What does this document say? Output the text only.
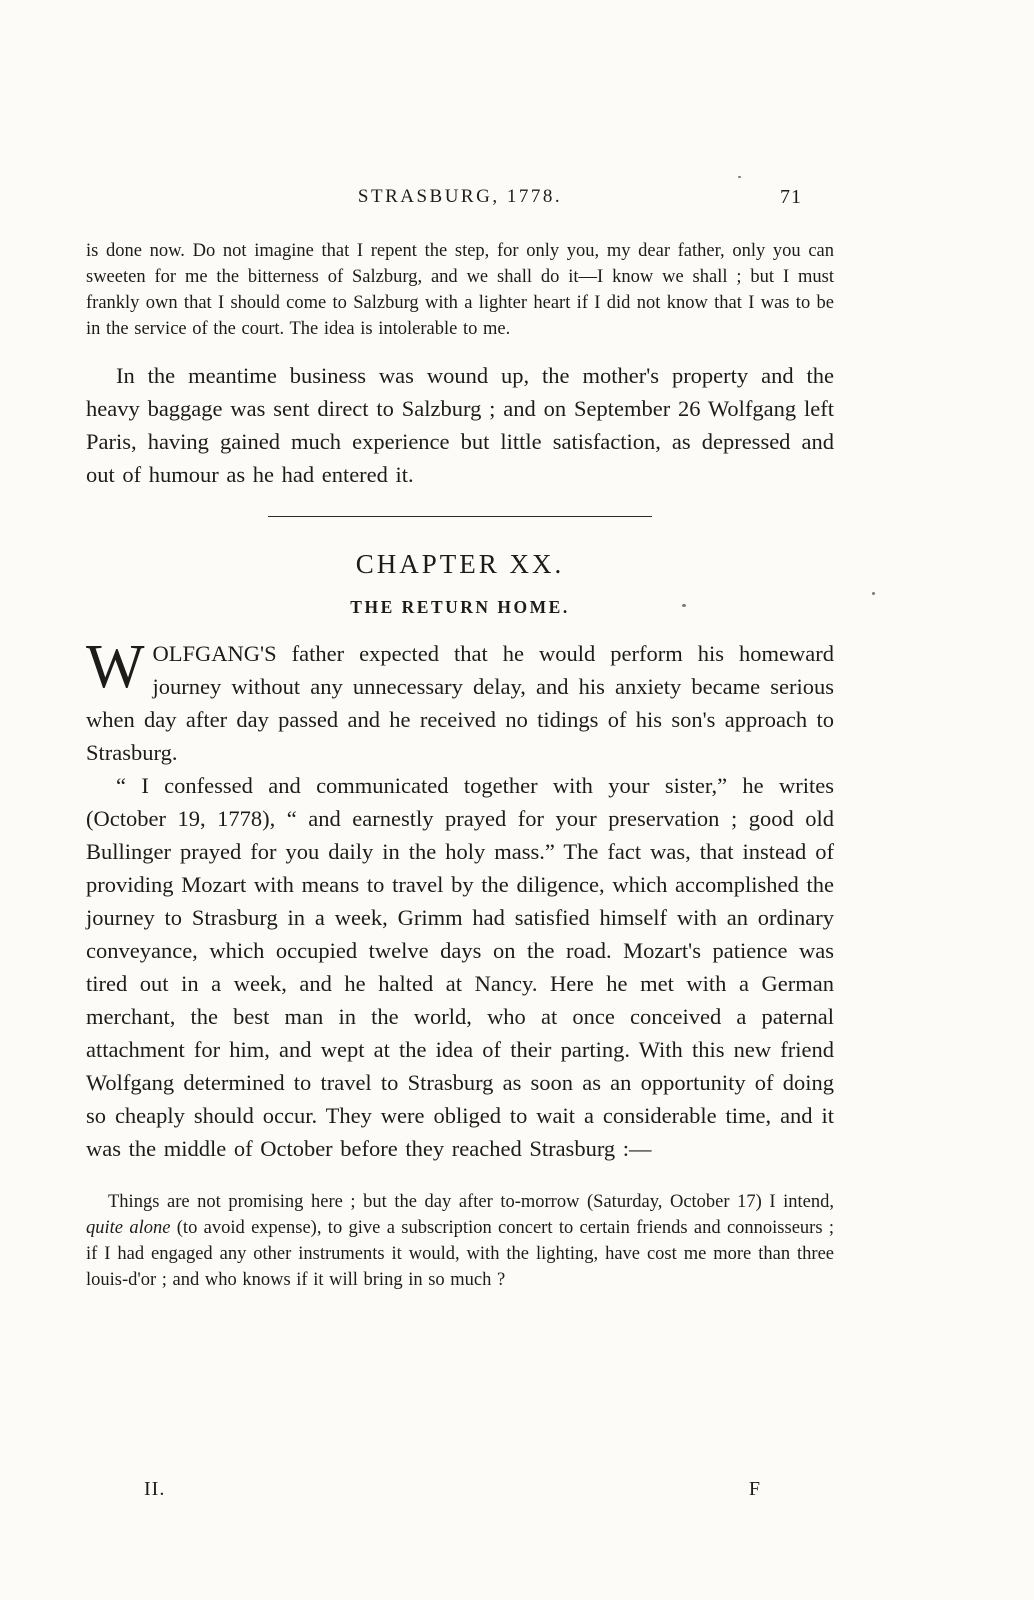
STRASBURG, 1778.	71

is done now. Do not imagine that I repent the step, for only you, my dear father, only you can sweeten for me the bitterness of Salzburg, and we shall do it—I know we shall ; but I must frankly own that I should come to Salzburg with a lighter heart if I did not know that I was to be in the service of the court. The idea is intolerable to me.

In the meantime business was wound up, the mother's property and the heavy baggage was sent direct to Salzburg ; and on September 26 Wolfgang left Paris, having gained much experience but little satisfaction, as depressed and out of humour as he had entered it.

CHAPTER XX.
THE RETURN HOME.

WOLFGANG'S father expected that he would perform his homeward journey without any unnecessary delay, and his anxiety became serious when day after day passed and he received no tidings of his son's approach to Strasburg.

“ I confessed and communicated together with your sister,” he writes (October 19, 1778), “ and earnestly prayed for your preservation ; good old Bullinger prayed for you daily in the holy mass.” The fact was, that instead of providing Mozart with means to travel by the diligence, which accomplished the journey to Strasburg in a week, Grimm had satisfied himself with an ordinary conveyance, which occupied twelve days on the road. Mozart's patience was tired out in a week, and he halted at Nancy. Here he met with a German merchant, the best man in the world, who at once conceived a paternal attachment for him, and wept at the idea of their parting. With this new friend Wolfgang determined to travel to Strasburg as soon as an opportunity of doing so cheaply should occur. They were obliged to wait a considerable time, and it was the middle of October before they reached Strasburg :—

Things are not promising here ; but the day after to-morrow (Saturday, October 17) I intend, quite alone (to avoid expense), to give a subscription concert to certain friends and connoisseurs ; if I had engaged any other instruments it would, with the lighting, have cost me more than three louis-d'or ; and who knows if it will bring in so much ?

II.	F
